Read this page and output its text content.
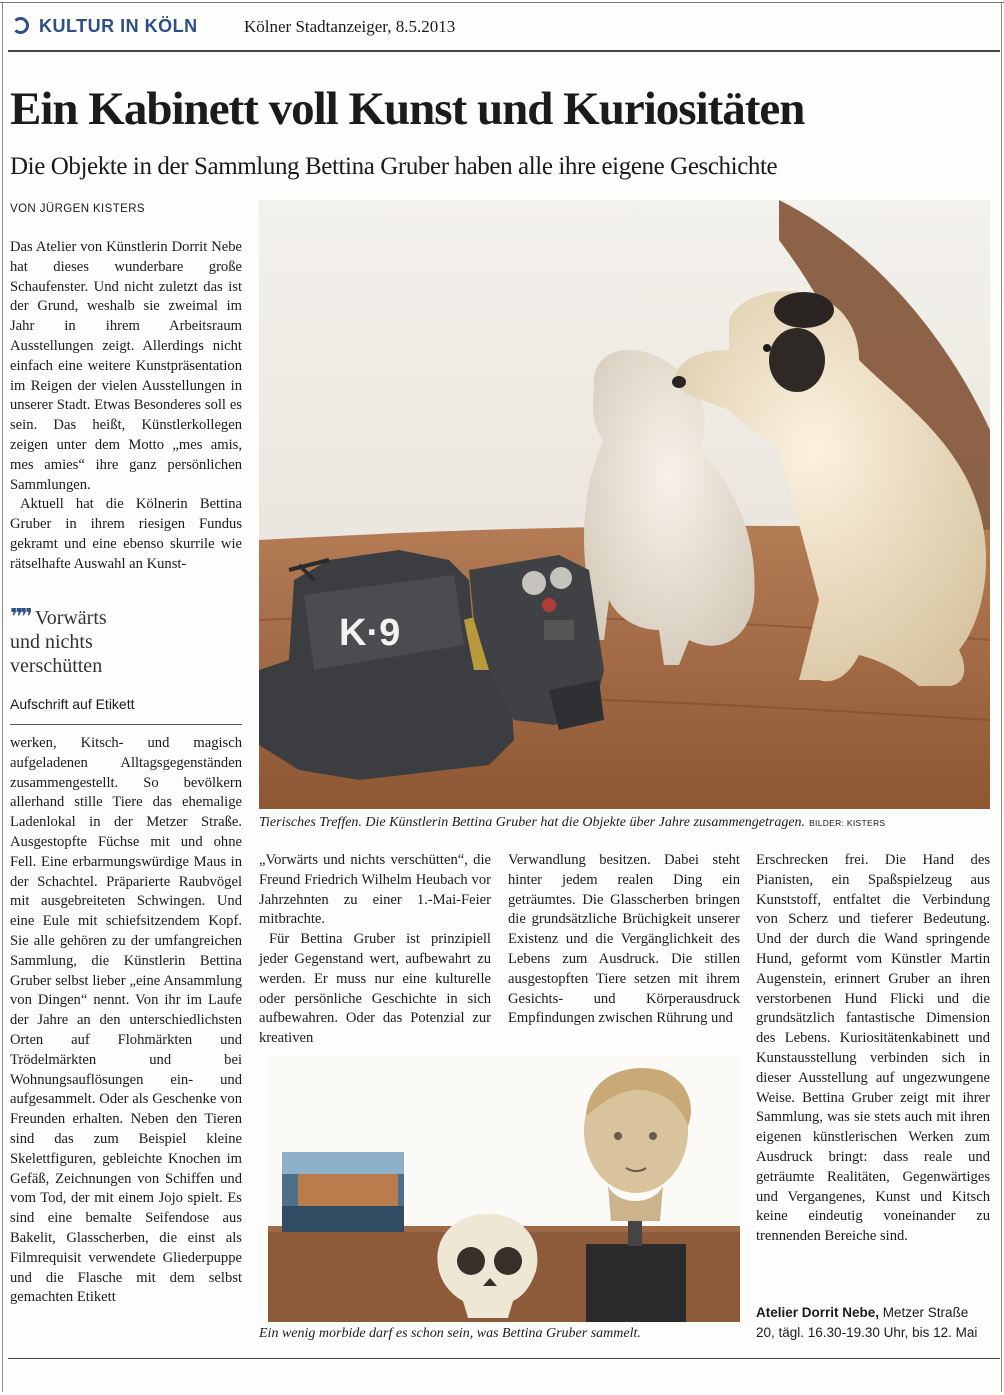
KULTUR IN KÖLN	Kölner Stadtanzeiger, 8.5.2013
Ein Kabinett voll Kunst und Kuriositäten
Die Objekte in der Sammlung Bettina Gruber haben alle ihre eigene Geschichte
VON JÜRGEN KISTERS

Das Atelier von Künstlerin Dorrit Nebe hat dieses wunderbare große Schaufenster. Und nicht zuletzt das ist der Grund, weshalb sie zweimal im Jahr in ihrem Arbeitsraum Ausstellungen zeigt. Allerdings nicht einfach eine weitere Kunstpräsentation im Reigen der vielen Ausstellungen in unserer Stadt. Etwas Besonderes soll es sein. Das heißt, Künstlerkollegen zeigen unter dem Motto „mes amis, mes amies“ ihre ganz persönlichen Sammlungen.

Aktuell hat die Kölnerin Bettina Gruber in ihrem riesigen Fundus gekramt und eine ebenso skurrile wie rätselhafte Auswahl an Kunst-

❞❞ Vorwärts
und nichts
verschütten
Aufschrift auf Etikett

werken, Kitsch- und magisch aufgeladenen Alltagsgegenständen zusammengestellt. So bevölkern allerhand stille Tiere das ehemalige Ladenlokal in der Metzer Straße. Ausgestopfte Füchse mit und ohne Fell. Eine erbarmungswürdige Maus in der Schachtel. Präparierte Raubvögel mit ausgebreiteten Schwingen. Und eine Eule mit schiefsitzendem Kopf. Sie alle gehören zu der umfangreichen Sammlung, die Künstlerin Bettina Gruber selbst lieber „eine Ansammlung von Dingen“ nennt. Von ihr im Laufe der Jahre an den unterschiedlichsten Orten auf Flohmärkten und Trödelmärkten und bei Wohnungsauflösungen ein- und aufgesammelt. Oder als Geschenke von Freunden erhalten. Neben den Tieren sind das zum Beispiel kleine Skelettfiguren, gebleichte Knochen im Gefäß, Zeichnungen von Schiffen und vom Tod, der mit einem Jojo spielt. Es sind eine bemalte Seifendose aus Bakelit, Glasscherben, die einst als Filmrequisit verwendete Gliederpuppe und die Flasche mit dem selbst gemachten Etikett

K·9
Tierisches Treffen. Die Künstlerin Bettina Gruber hat die Objekte über Jahre zusammengetragen. BILDER: KISTERS

„Vorwärts und nichts verschütten“, die Freund Friedrich Wilhelm Heubach vor Jahrzehnten zu einer 1.-Mai-Feier mitbrachte.

Für Bettina Gruber ist prinzipiell jeder Gegenstand wert, aufbewahrt zu werden. Er muss nur eine kulturelle oder persönliche Geschichte in sich aufbewahren. Oder das Potenzial zur kreativen

Verwandlung besitzen. Dabei steht hinter jedem realen Ding ein geträumtes. Die Glasscherben bringen die grundsätzliche Brüchigkeit unserer Existenz und die Vergänglichkeit des Lebens zum Ausdruck. Die stillen ausgestopften Tiere setzen mit ihrem Gesichts- und Körperausdruck Empfindungen zwischen Rührung und

Erschrecken frei. Die Hand des Pianisten, ein Spaßspielzeug aus Kunststoff, entfaltet die Verbindung von Scherz und tieferer Bedeutung. Und der durch die Wand springende Hund, geformt vom Künstler Martin Augenstein, erinnert Gruber an ihren verstorbenen Hund Flicki und die grundsätzlich fantastische Dimension des Lebens. Kuriositätenkabinett und Kunstausstellung verbinden sich in dieser Ausstellung auf ungezwungene Weise. Bettina Gruber zeigt mit ihrer Sammlung, was sie stets auch mit ihren eigenen künstlerischen Werken zum Ausdruck bringt: dass reale und geträumte Realitäten, Gegenwärtiges und Vergangenes, Kunst und Kitsch keine eindeutig voneinander zu trennenden Bereiche sind.

Ein wenig morbide darf es schon sein, was Bettina Gruber sammelt.
Atelier Dorrit Nebe, Metzer Straße 20, tägl. 16.30-19.30 Uhr, bis 12. Mai
